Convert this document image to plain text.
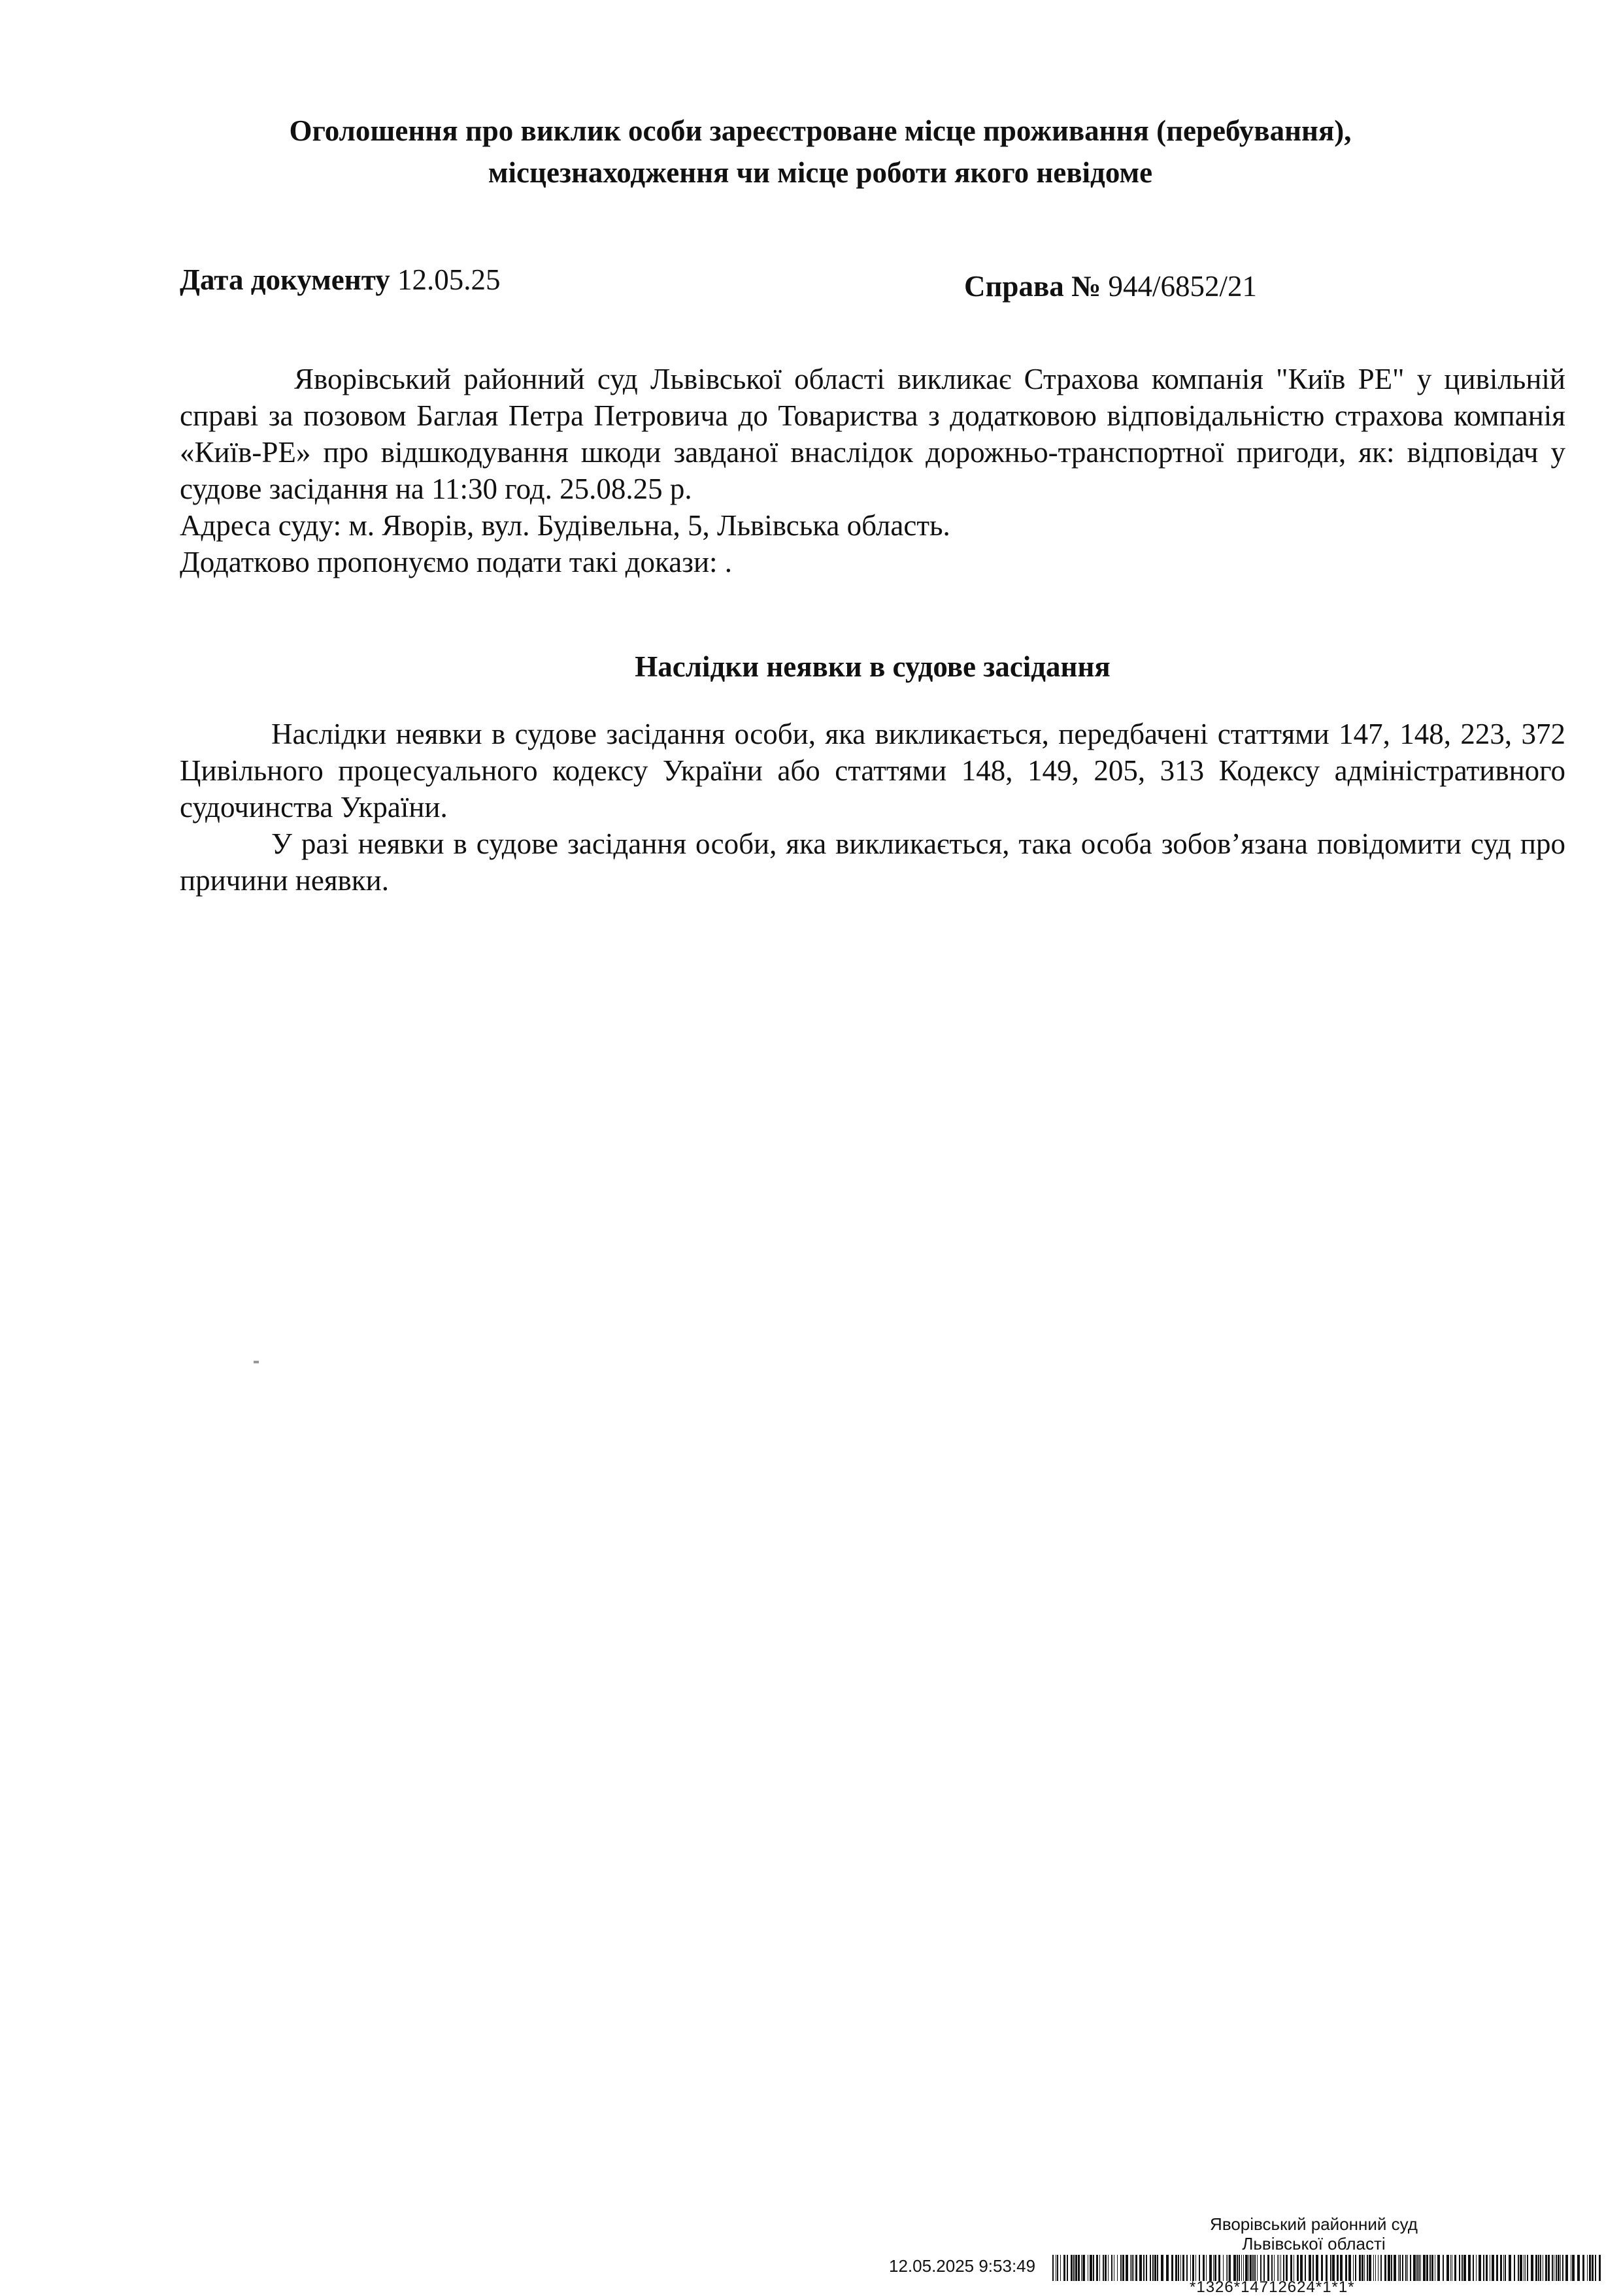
Оголошення про виклик особи зареєстроване місце проживання (перебування),
місцезнаходження чи місце роботи якого невідоме
Дата документу 12.05.25	Справа № 944/6852/21

Яворівський районний суд Львівської області викликає Страхова компанія "Київ РЕ" у цивільній справі за позовом Баглая Петра Петровича до Товариства з додатковою відповідальністю страхова компанія «Київ-РЕ» про відшкодування шкоди завданої внаслідок дорожньо-транспортної пригоди, як: відповідач у судове засідання на 11:30 год. 25.08.25 р.

Адреса суду: м. Яворів, вул. Будівельна, 5, Львівська область.

Додатково пропонуємо подати такі докази: .

Наслідки неявки в судове засідання

Наслідки неявки в судове засідання особи, яка викликається, передбачені статтями 147, 148, 223, 372 Цивільного процесуального кодексу України або статтями 148, 149, 205, 313 Кодексу адміністративного судочинства України.

У разі неявки в судове засідання особи, яка викликається, така особа зобов’язана повідомити суд про причини неявки.

Яворівський районний суд
Львівської області
12.05.2025 9:53:49
*1326*14712624*1*1*
